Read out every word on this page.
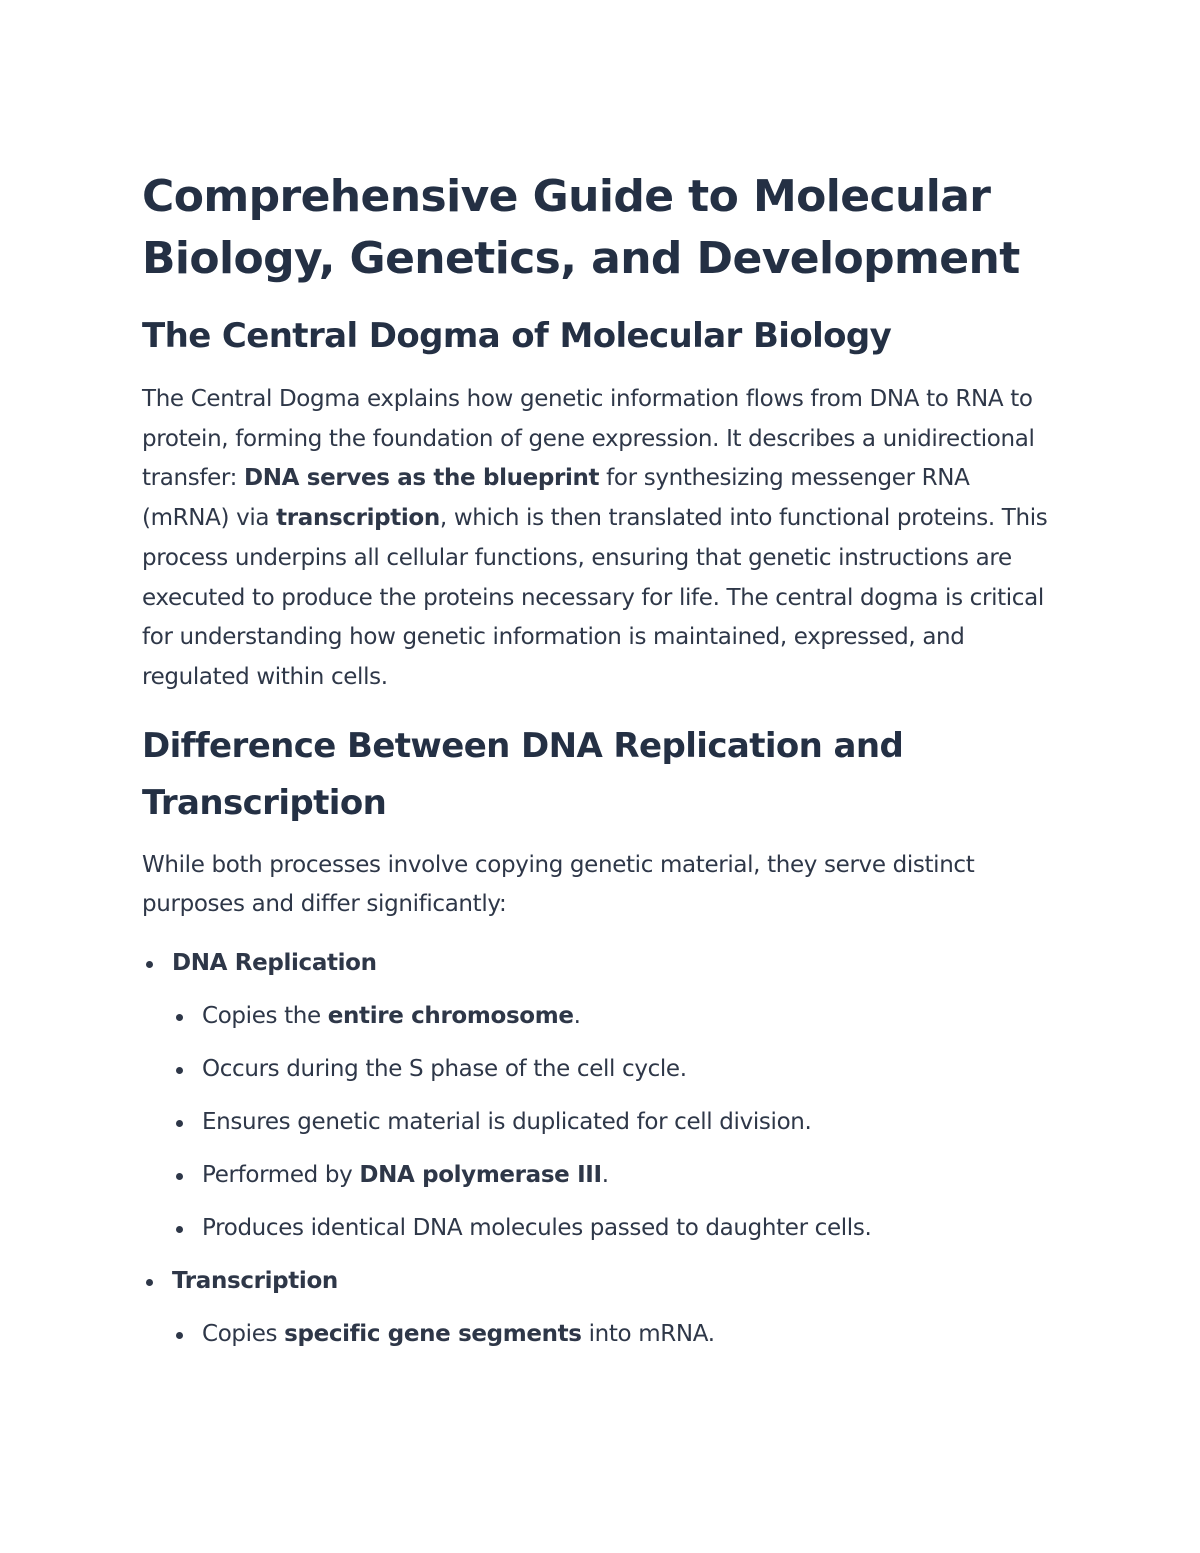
Comprehensive Guide to Molecular Biology, Genetics, and Development
The Central Dogma of Molecular Biology

The Central Dogma explains how genetic information flows from DNA to RNA to protein, forming the foundation of gene expression. It describes a unidirectional transfer: DNA serves as the blueprint for synthesizing messenger RNA (mRNA) via transcription, which is then translated into functional proteins. This process underpins all cellular functions, ensuring that genetic instructions are executed to produce the proteins necessary for life. The central dogma is critical for understanding how genetic information is maintained, expressed, and regulated within cells.

Difference Between DNA Replication and Transcription

While both processes involve copying genetic material, they serve distinct purposes and differ significantly:

DNA Replication
Copies the entire chromosome.
Occurs during the S phase of the cell cycle.
Ensures genetic material is duplicated for cell division.
Performed by DNA polymerase III.
Produces identical DNA molecules passed to daughter cells.
Transcription
Copies specific gene segments into mRNA.
